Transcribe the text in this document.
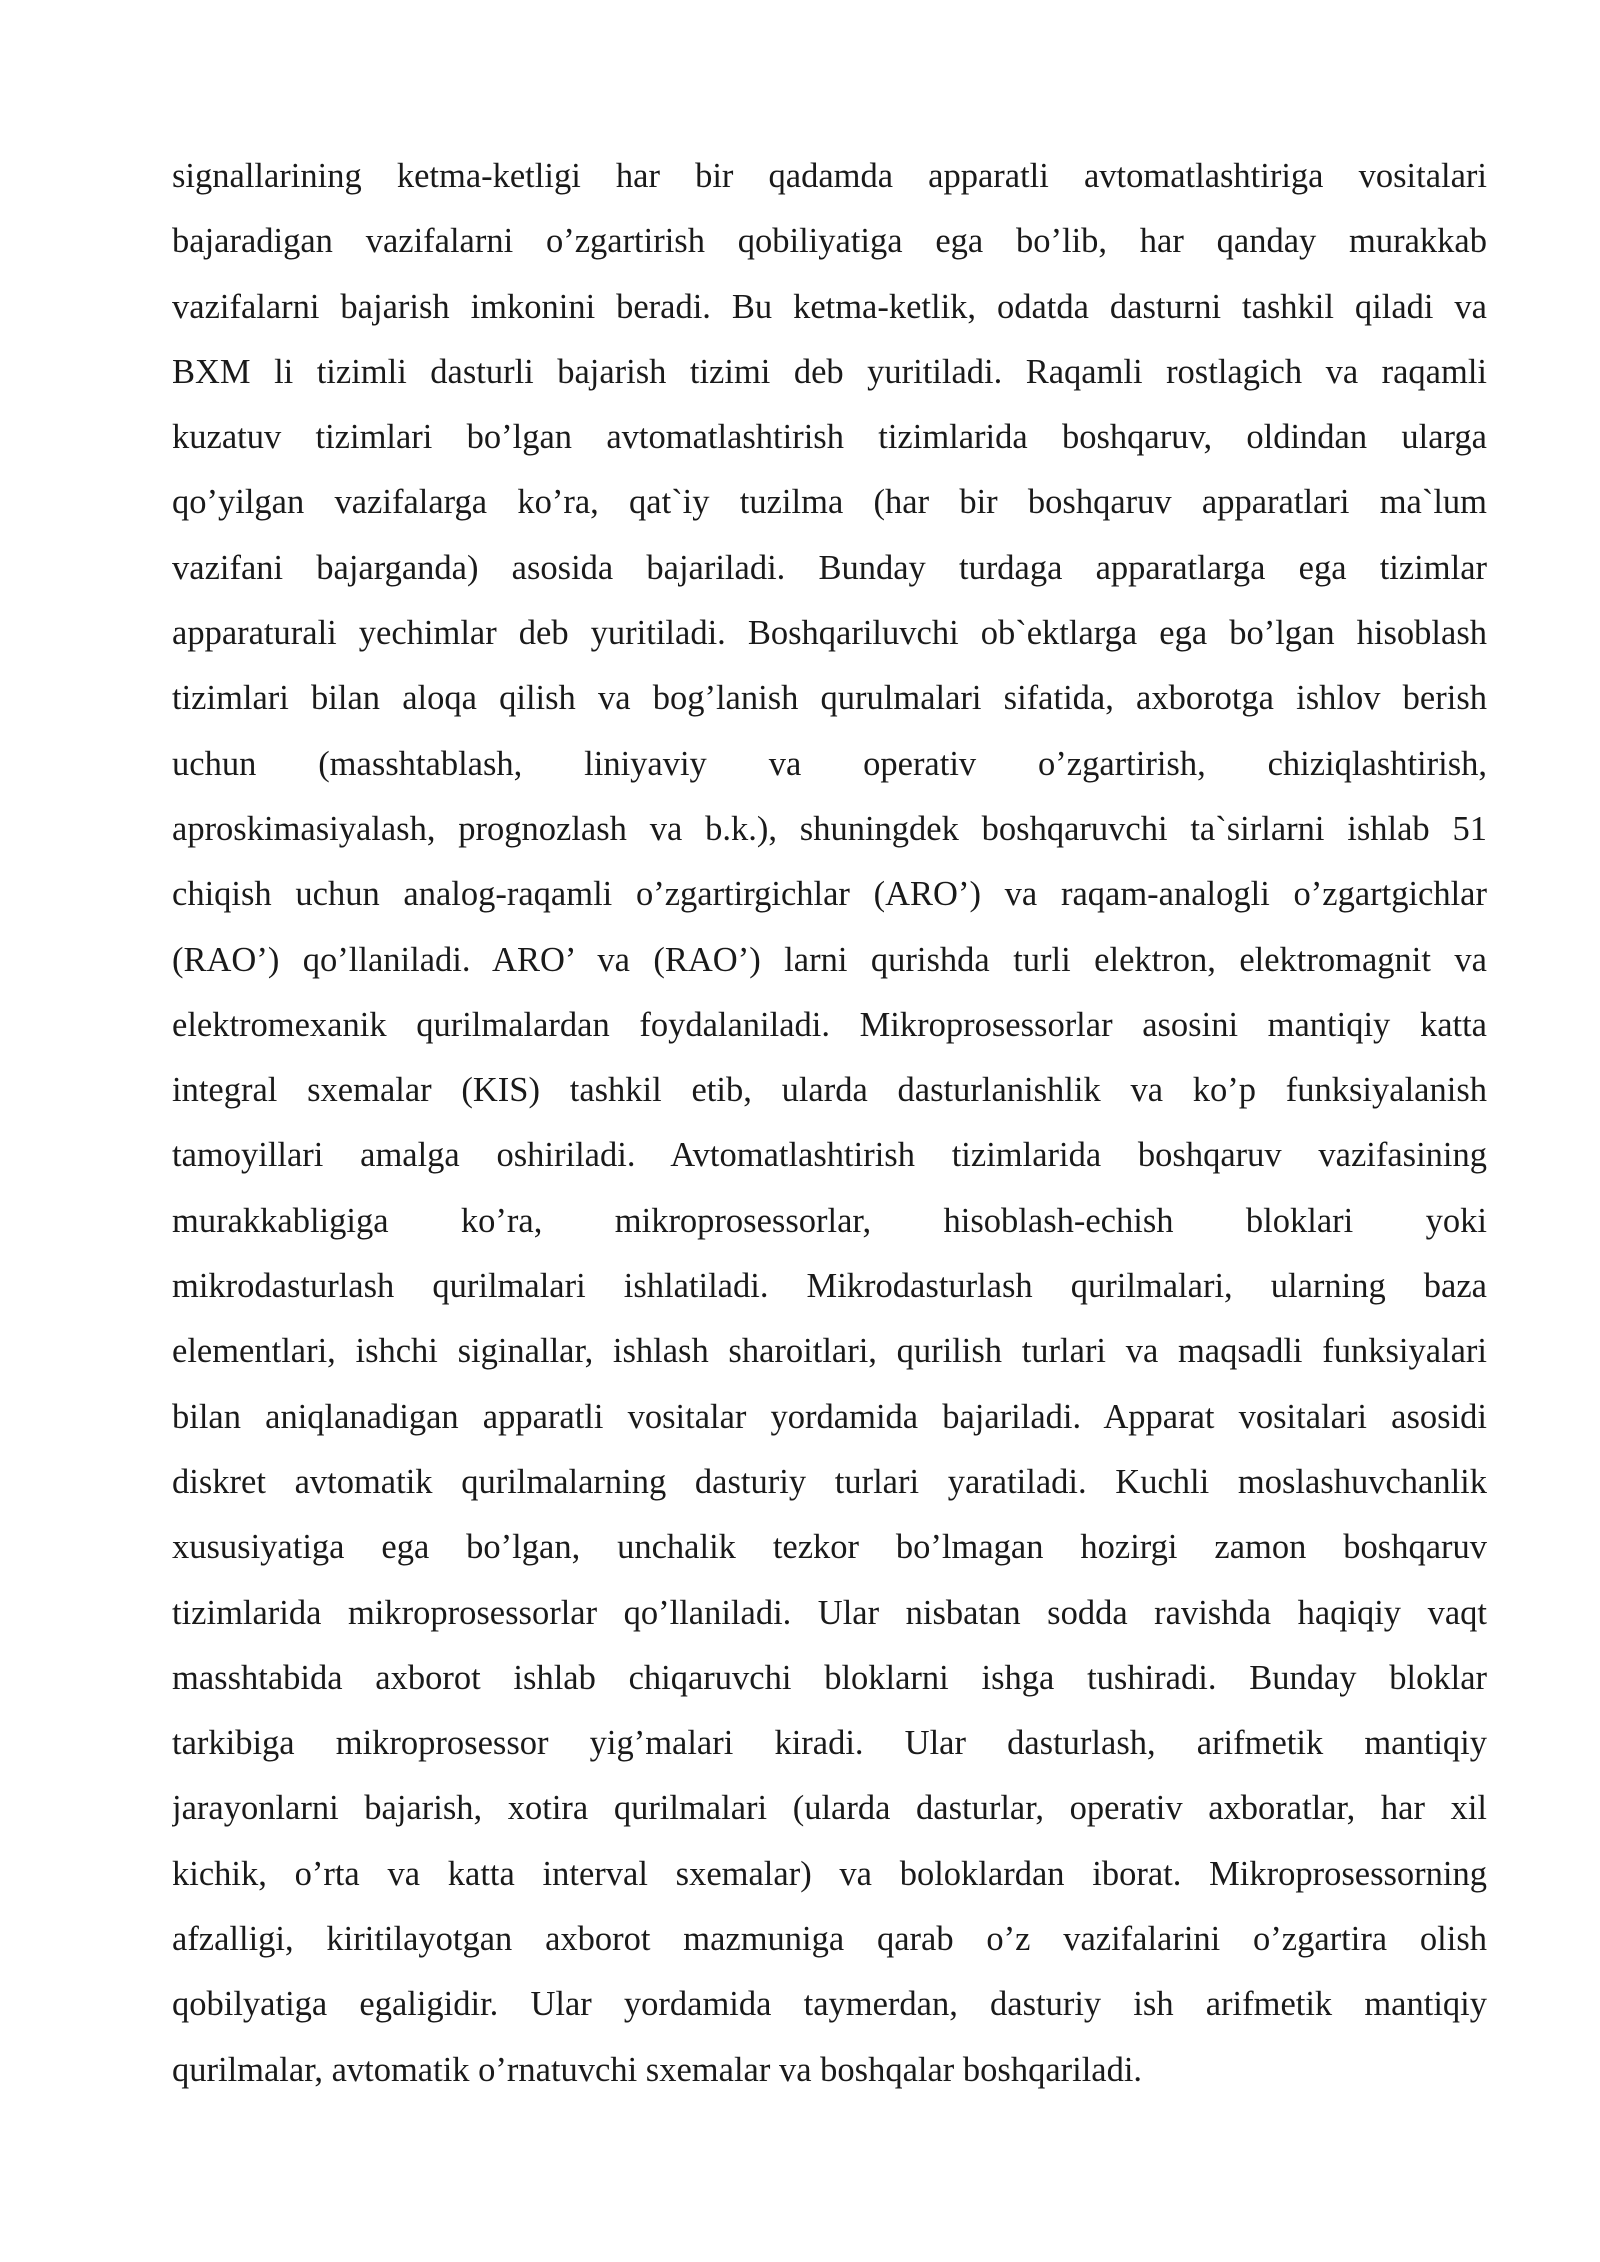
signallarining ketma-ketligi har bir qadamda apparatli avtomatlashtiriga vositalari
bajaradigan vazifalarni o’zgartirish qobiliyatiga ega bo’lib, har qanday murakkab
vazifalarni bajarish imkonini beradi. Bu ketma-ketlik, odatda dasturni tashkil qiladi va
BXM li tizimli dasturli bajarish tizimi deb yuritiladi. Raqamli rostlagich va raqamli
kuzatuv tizimlari bo’lgan avtomatlashtirish tizimlarida boshqaruv, oldindan ularga
qo’yilgan vazifalarga ko’ra, qat`iy tuzilma (har bir boshqaruv apparatlari ma`lum
vazifani bajarganda) asosida bajariladi. Bunday turdaga apparatlarga ega tizimlar
apparaturali yechimlar deb yuritiladi. Boshqariluvchi ob`ektlarga ega bo’lgan hisoblash
tizimlari bilan aloqa qilish va bog’lanish qurulmalari sifatida, axborotga ishlov berish
uchun (masshtablash, liniyaviy va operativ o’zgartirish, chiziqlashtirish,
aproskimasiyalash, prognozlash va b.k.), shuningdek boshqaruvchi ta`sirlarni ishlab 51
chiqish uchun analog-raqamli o’zgartirgichlar (ARO’) va raqam-analogli o’zgartgichlar
(RAO’) qo’llaniladi. ARO’ va (RAO’) larni qurishda turli elektron, elektromagnit va
elektromexanik qurilmalardan foydalaniladi. Mikroprosessorlar asosini mantiqiy katta
integral sxemalar (KIS) tashkil etib, ularda dasturlanishlik va ko’p funksiyalanish
tamoyillari amalga oshiriladi. Avtomatlashtirish tizimlarida boshqaruv vazifasining
murakkabligiga ko’ra, mikroprosessorlar, hisoblash-echish bloklari yoki
mikrodasturlash qurilmalari ishlatiladi. Mikrodasturlash qurilmalari, ularning baza
elementlari, ishchi siginallar, ishlash sharoitlari, qurilish turlari va maqsadli funksiyalari
bilan aniqlanadigan apparatli vositalar yordamida bajariladi. Apparat vositalari asosidi
diskret avtomatik qurilmalarning dasturiy turlari yaratiladi. Kuchli moslashuvchanlik
xususiyatiga ega bo’lgan, unchalik tezkor bo’lmagan hozirgi zamon boshqaruv
tizimlarida mikroprosessorlar qo’llaniladi. Ular nisbatan sodda ravishda haqiqiy vaqt
masshtabida axborot ishlab chiqaruvchi bloklarni ishga tushiradi. Bunday bloklar
tarkibiga mikroprosessor yig’malari kiradi. Ular dasturlash, arifmetik mantiqiy
jarayonlarni bajarish, xotira qurilmalari (ularda dasturlar, operativ axboratlar, har xil
kichik, o’rta va katta interval sxemalar) va boloklardan iborat. Mikroprosessorning
afzalligi, kiritilayotgan axborot mazmuniga qarab o’z vazifalarini o’zgartira olish
qobilyatiga egaligidir. Ular yordamida taymerdan, dasturiy ish arifmetik mantiqiy
qurilmalar, avtomatik o’rnatuvchi sxemalar va boshqalar boshqariladi.
